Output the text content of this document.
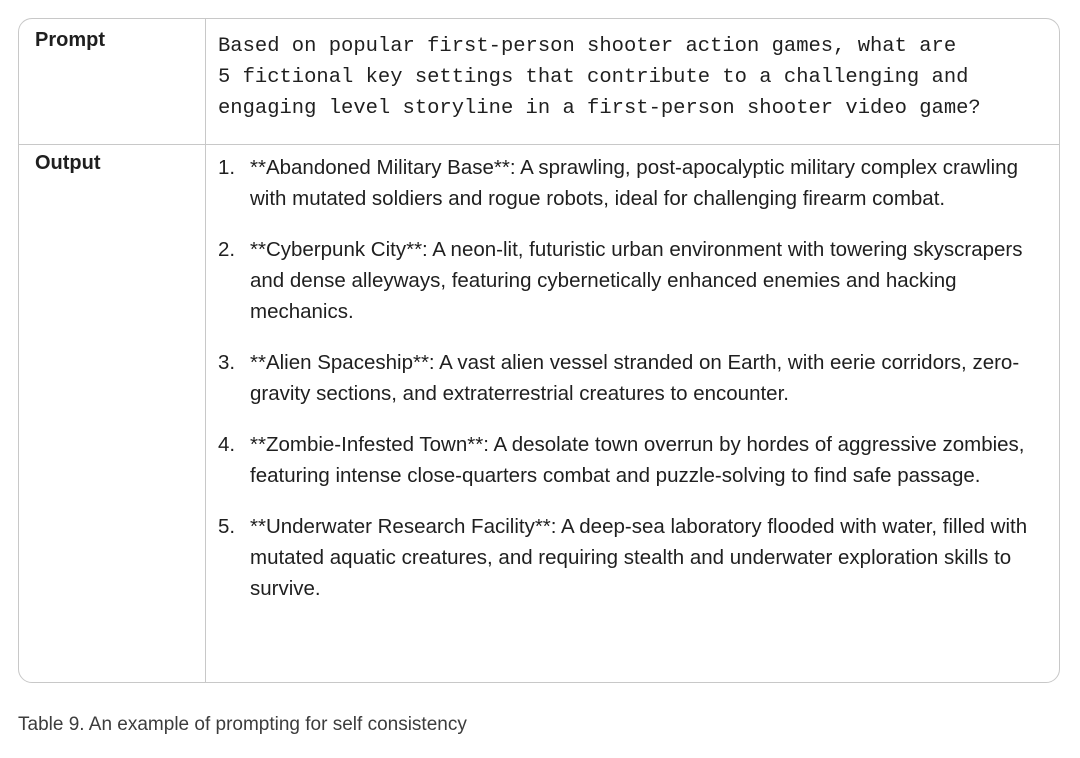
Prompt	Based on popular first-person shooter action games, what are
5 fictional key settings that contribute to a challenging and
engaging level storyline in a first-person shooter video game?
Output	1. **Abandoned Military Base**: A sprawling, post-apocalyptic military complex crawling with mutated soldiers and rogue robots, ideal for challenging firearm combat.
2. **Cyberpunk City**: A neon-lit, futuristic urban environment with towering skyscrapers and dense alleyways, featuring cybernetically enhanced enemies and hacking mechanics.
3. **Alien Spaceship**: A vast alien vessel stranded on Earth, with eerie corridors, zero-gravity sections, and extraterrestrial creatures to encounter.
4. **Zombie-Infested Town**: A desolate town overrun by hordes of aggressive zombies, featuring intense close-quarters combat and puzzle-solving to find safe passage.
5. **Underwater Research Facility**: A deep-sea laboratory flooded with water, filled with mutated aquatic creatures, and requiring stealth and underwater exploration skills to survive.
Table 9. An example of prompting for self consistency
